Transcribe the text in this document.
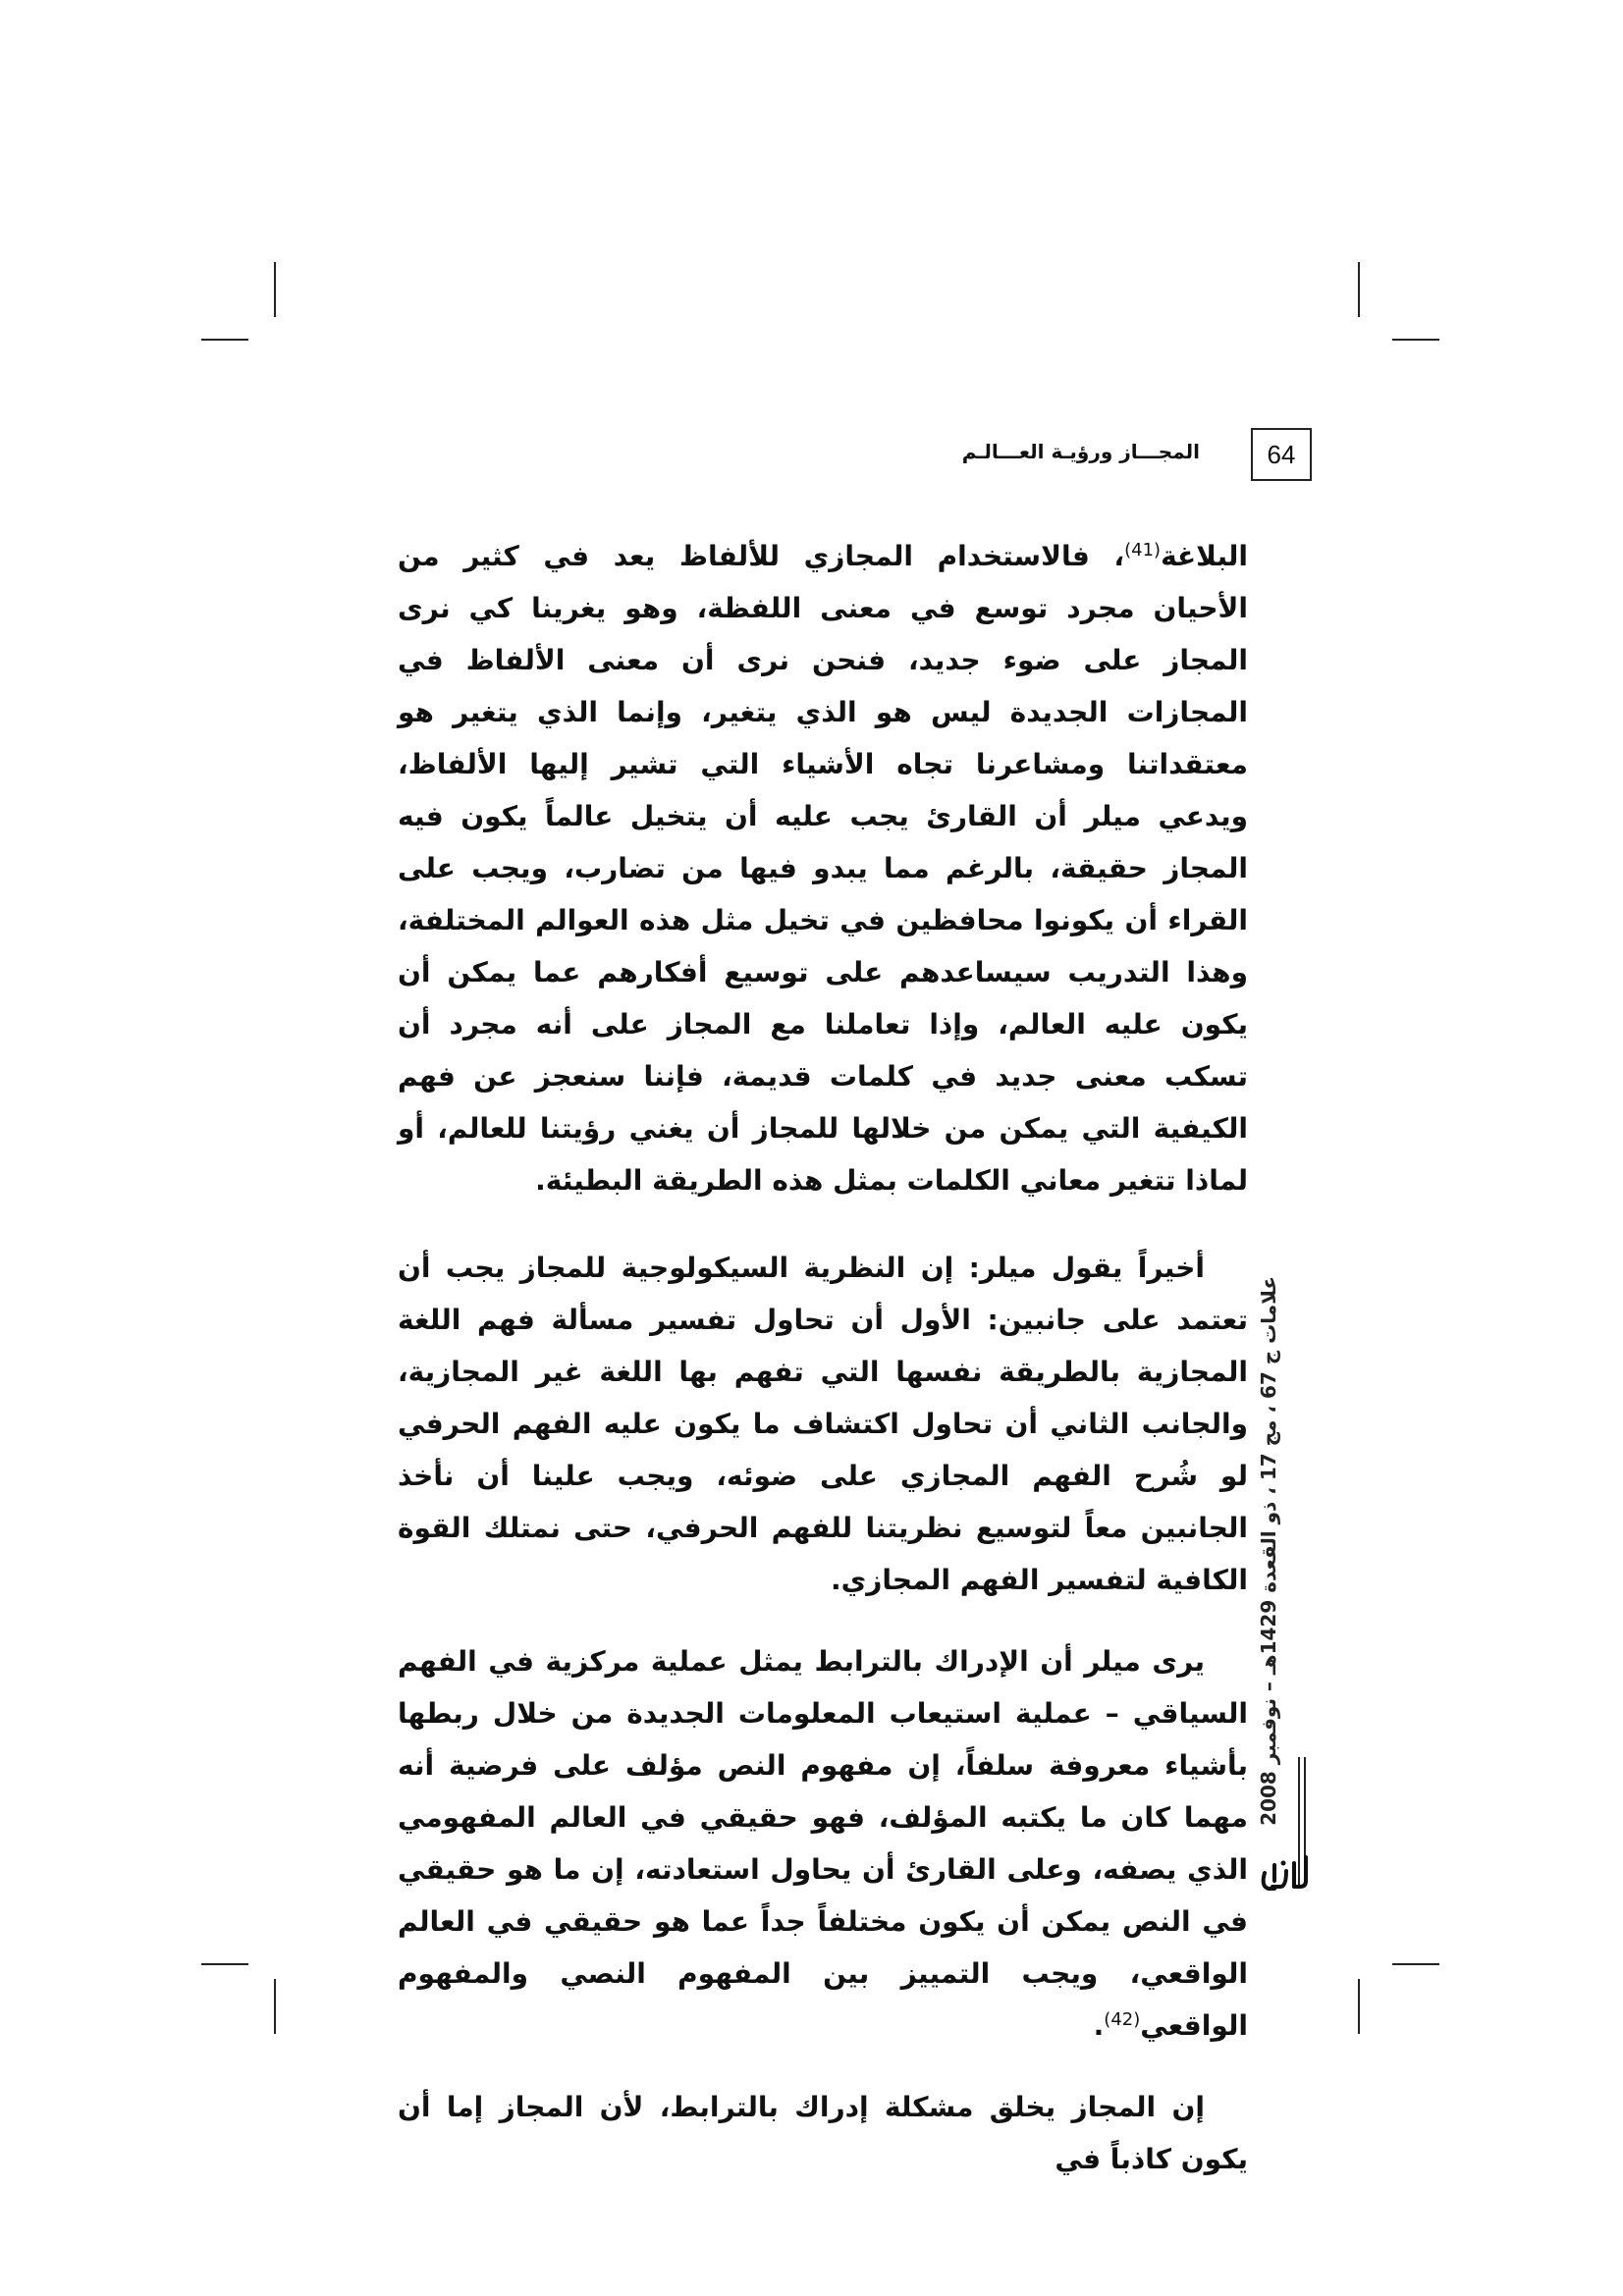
المجـــاز ورؤيـة العـــالـم	64

البلاغة$^{(41)}$، فالاستخدام المجازي للألفاظ يعد في كثير من الأحيان مجرد توسع في معنى اللفظة، وهو يغرينا كي نرى المجاز على ضوء جديد، فنحن نرى أن معنى الألفاظ في المجازات الجديدة ليس هو الذي يتغير، وإنما الذي يتغير هو معتقداتنا ومشاعرنا تجاه الأشياء التي تشير إليها الألفاظ، ويدعي ميلر أن القارئ يجب عليه أن يتخيل عالماً يكون فيه المجاز حقيقة، بالرغم مما يبدو فيها من تضارب، ويجب على القراء أن يكونوا محافظين في تخيل مثل هذه العوالم المختلفة، وهذا التدريب سيساعدهم على توسيع أفكارهم عما يمكن أن يكون عليه العالم، وإذا تعاملنا مع المجاز على أنه مجرد أن تسكب معنى جديد في كلمات قديمة، فإننا سنعجز عن فهم الكيفية التي يمكن من خلالها للمجاز أن يغني رؤيتنا للعالم، أو لماذا تتغير معاني الكلمات بمثل هذه الطريقة البطيئة.

أخيراً يقول ميلر: إن النظرية السيكولوجية للمجاز يجب أن تعتمد على جانبين: الأول أن تحاول تفسير مسألة فهم اللغة المجازية بالطريقة نفسها التي تفهم بها اللغة غير المجازية، والجانب الثاني أن تحاول اكتشاف ما يكون عليه الفهم الحرفي لو شُرح الفهم المجازي على ضوئه، ويجب علينا أن نأخذ الجانبين معاً لتوسيع نظريتنا للفهم الحرفي، حتى نمتلك القوة الكافية لتفسير الفهم المجازي.

يرى ميلر أن الإدراك بالترابط يمثل عملية مركزية في الفهم السياقي – عملية استيعاب المعلومات الجديدة من خلال ربطها بأشياء معروفة سلفاً، إن مفهوم النص مؤلف على فرضية أنه مهما كان ما يكتبه المؤلف، فهو حقيقي في العالم المفهومي الذي يصفه، وعلى القارئ أن يحاول استعادته، إن ما هو حقيقي في النص يمكن أن يكون مختلفاً جداً عما هو حقيقي في العالم الواقعي، ويجب التمييز بين المفهوم النصي والمفهوم الواقعي$^{(42)}$.

إن المجاز يخلق مشكلة إدراك بالترابط، لأن المجاز إما أن يكون كاذباً في

علامات ج 67 ، مج 17 ، ذو القعدة 1429هـ – نوفمبر 2008
